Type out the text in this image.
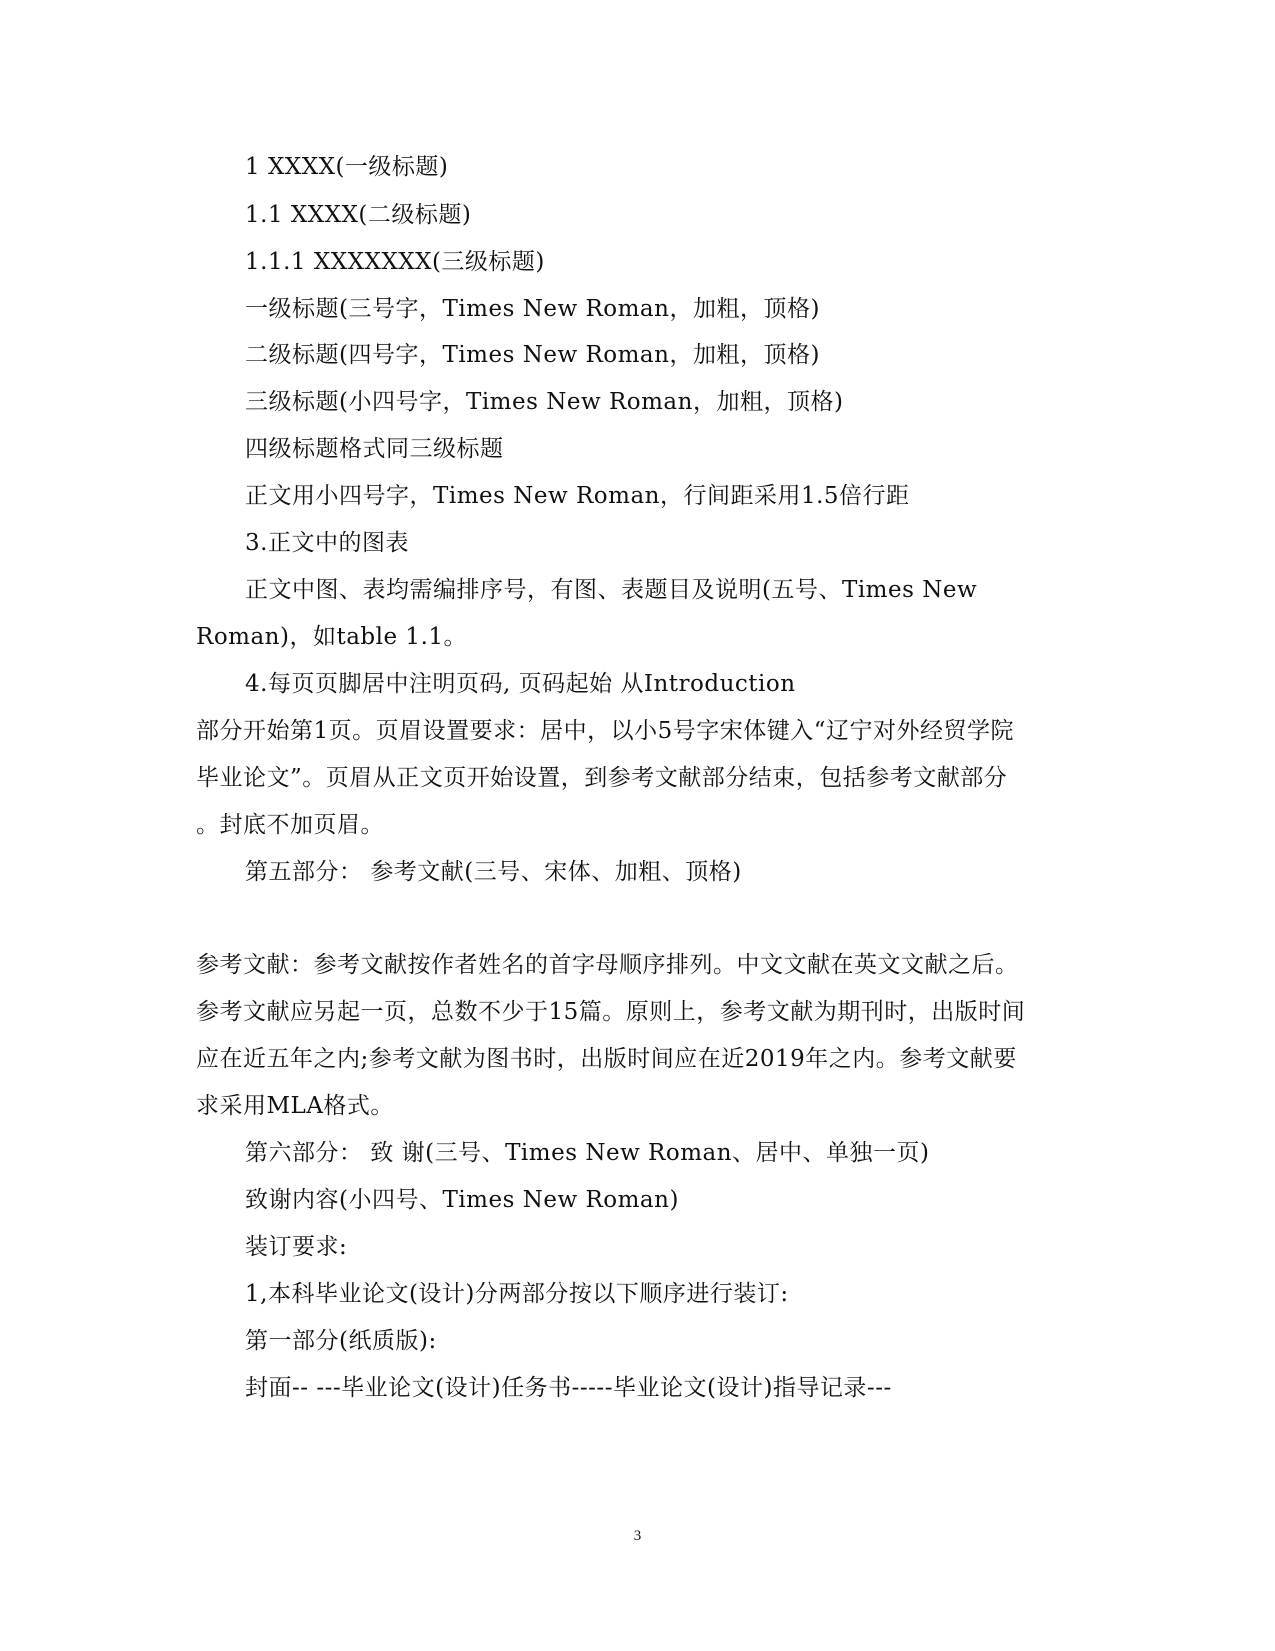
1 XXXX(一级标题)
1.1 XXXX(二级标题)
1.1.1 XXXXXXX(三级标题)
一级标题(三号字，Times New Roman，加粗，顶格)
二级标题(四号字，Times New Roman，加粗，顶格)
三级标题(小四号字，Times New Roman，加粗，顶格)
四级标题格式同三级标题
正文用小四号字，Times New Roman，行间距采用1.5倍行距
3.正文中的图表
正文中图、表均需编排序号，有图、表题目及说明(五号、Times New
Roman)，如table 1.1。
4.每页页脚居中注明页码, 页码起始 从Introduction
部分开始第1页。页眉设置要求：居中，以小5号字宋体键入“辽宁对外经贸学院
毕业论文”。页眉从正文页开始设置，到参考文献部分结束，包括参考文献部分
。封底不加页眉。
第五部分： 参考文献(三号、宋体、加粗、顶格)
参考文献：参考文献按作者姓名的首字母顺序排列。中文文献在英文文献之后。
参考文献应另起一页，总数不少于15篇。原则上，参考文献为期刊时，出版时间
应在近五年之内;参考文献为图书时，出版时间应在近2019年之内。参考文献要
求采用MLA格式。
第六部分： 致 谢(三号、Times New Roman、居中、单独一页)
致谢内容(小四号、Times New Roman)
装订要求:
1,本科毕业论文(设计)分两部分按以下顺序进行装订:
第一部分(纸质版):
封面-- ---毕业论文(设计)任务书-----毕业论文(设计)指导记录---
3
